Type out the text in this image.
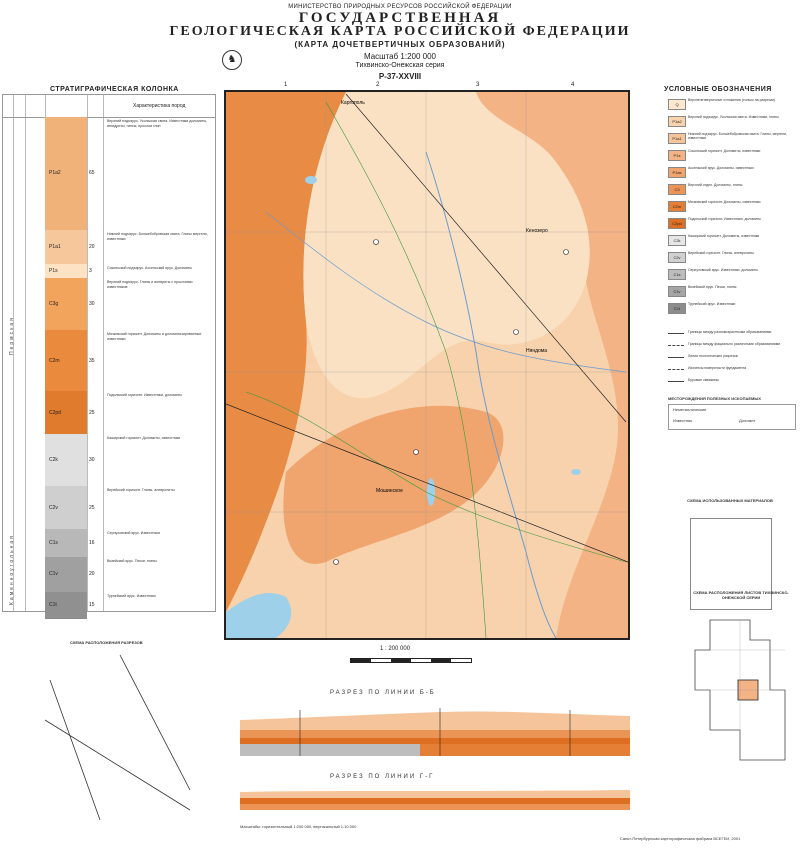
МИНИСТЕРСТВО ПРИРОДНЫХ РЕСУРСОВ РОССИЙСКОЙ ФЕДЕРАЦИИ
ГОСУДАРСТВЕННАЯ
ГЕОЛОГИЧЕСКАЯ КАРТА РОССИЙСКОЙ ФЕДЕРАЦИИ
(КАРТА ДОЧЕТВЕРТИЧНЫХ ОБРАЗОВАНИЙ)
Масштаб 1:200 000
Тихвинско-Онежская серия
P-37-XXVIII
♞
СТРАТИГРАФИЧЕСКАЯ КОЛОНКА
Характеристика пород
Пермская
Каменноугольная
P1a2	65
Верхний подъярус. Усольская свита. Известняки доломиты, ангидриты, гипсы, прослои глин
P1a1	20
Нижний подъярус. Болшебобровская свита. Глины мергели, известняки
P1s	3	Сокольский подъярус. Ассельский ярус. Доломиты
C3g	30
Верхний подъярус. Глины и алевриты с прослоями известняков
C2m	35
Мячковский горизонт. Доломиты и доломитизированные известняки
C2pd	25
Подольский горизонт. Известняки, доломиты
C2k	30
Каширский горизонт. Доломиты, известняки
C2v	25
Верейский горизонт. Глины, алевролиты
C1s	16
Серпуховский ярус. Известняки
C1v	20
Визейский ярус. Пески, глины
C1t	15
Турнейский ярус. Известняки
Каргополь
Няндома
Мошинское
Кенозеро
1	2	3	4
УСЛОВНЫЕ ОБОЗНАЧЕНИЯ
Q
Верхнечетвертичные отложения (только на разрезах)
P1a2
Верхний подъярус. Усольская свита. Известняки, глины
P1a1
Нижний подъярус. Болшебобровская свита. Глины, мергели, известняки
P1s
Сокольский горизонт. Доломиты, известняки
P1as
Ассельский ярус. Доломиты, известняки
C3
Верхний отдел. Доломиты, глины
C2m
Мячковский горизонт. Доломиты, известняки
C2pd
Подольский горизонт. Известняки, доломиты
C2k
Каширский горизонт. Доломиты, известняки
C2v
Верейский горизонт. Глины, алевролиты
C1s
Серпуховский ярус. Известняки, доломиты
C1v
Визейский ярус. Пески, глины
C1t
Турнейский ярус. Известняки
Границы между разновозрастными образованиями
Границы между фациально различными образованиями
Линии геологических разрезов
Изогипсы поверхности фундамента
Буровые скважины
МЕСТОРОЖДЕНИЯ ПОЛЕЗНЫХ ИСКОПАЕМЫХ
Неметаллические
Известняк	Доломит
СХЕМА ИСПОЛЬЗОВАННЫХ МАТЕРИАЛОВ
СХЕМА РАСПОЛОЖЕНИЯ ЛИСТОВ ТИХВИНСКО-ОНЕЖСКОЙ СЕРИИ
СХЕМА РАСПОЛОЖЕНИЯ РАЗРЕЗОВ
1 : 200 000
РАЗРЕЗ ПО ЛИНИИ Б-Б
РАЗРЕЗ ПО ЛИНИИ Г-Г
Масштабы: горизонтальный 1:200 000, вертикальный 1:10 000
Санкт-Петербургская картографическая фабрика ВСЕГЕИ, 2001
